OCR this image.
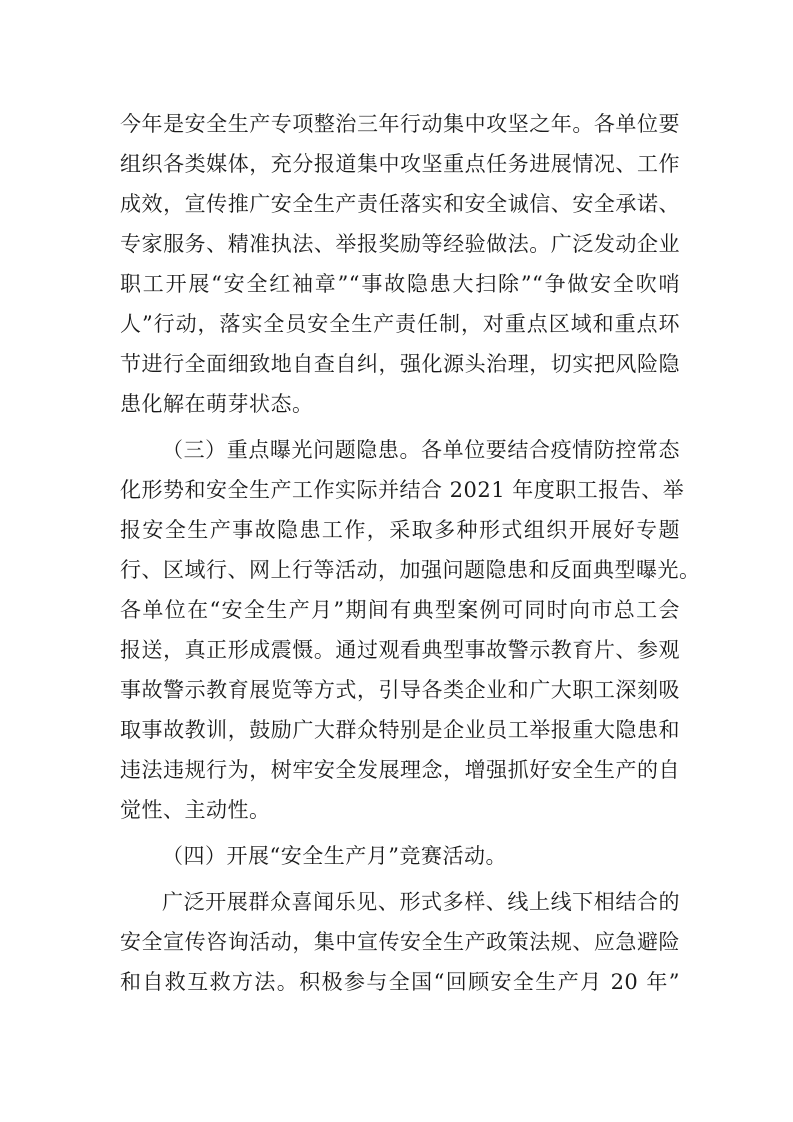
今年是安全生产专项整治三年行动集中攻坚之年。各单位要
组织各类媒体，充分报道集中攻坚重点任务进展情况、工作
成效，宣传推广安全生产责任落实和安全诚信、安全承诺、
专家服务、精准执法、举报奖励等经验做法。广泛发动企业
职工开展“安全红袖章”“事故隐患大扫除”“争做安全吹哨
人”行动，落实全员安全生产责任制，对重点区域和重点环
节进行全面细致地自查自纠，强化源头治理，切实把风险隐
患化解在萌芽状态。
（三）重点曝光问题隐患。各单位要结合疫情防控常态
化形势和安全生产工作实际并结合 2021 年度职工报告、举
报安全生产事故隐患工作，采取多种形式组织开展好专题
行、区域行、网上行等活动，加强问题隐患和反面典型曝光。
各单位在“安全生产月”期间有典型案例可同时向市总工会
报送，真正形成震慑。通过观看典型事故警示教育片、参观
事故警示教育展览等方式，引导各类企业和广大职工深刻吸
取事故教训，鼓励广大群众特别是企业员工举报重大隐患和
违法违规行为，树牢安全发展理念，增强抓好安全生产的自
觉性、主动性。
（四）开展“安全生产月”竞赛活动。
广泛开展群众喜闻乐见、形式多样、线上线下相结合的
安全宣传咨询活动，集中宣传安全生产政策法规、应急避险
和自救互救方法。积极参与全国“回顾安全生产月 20 年”
